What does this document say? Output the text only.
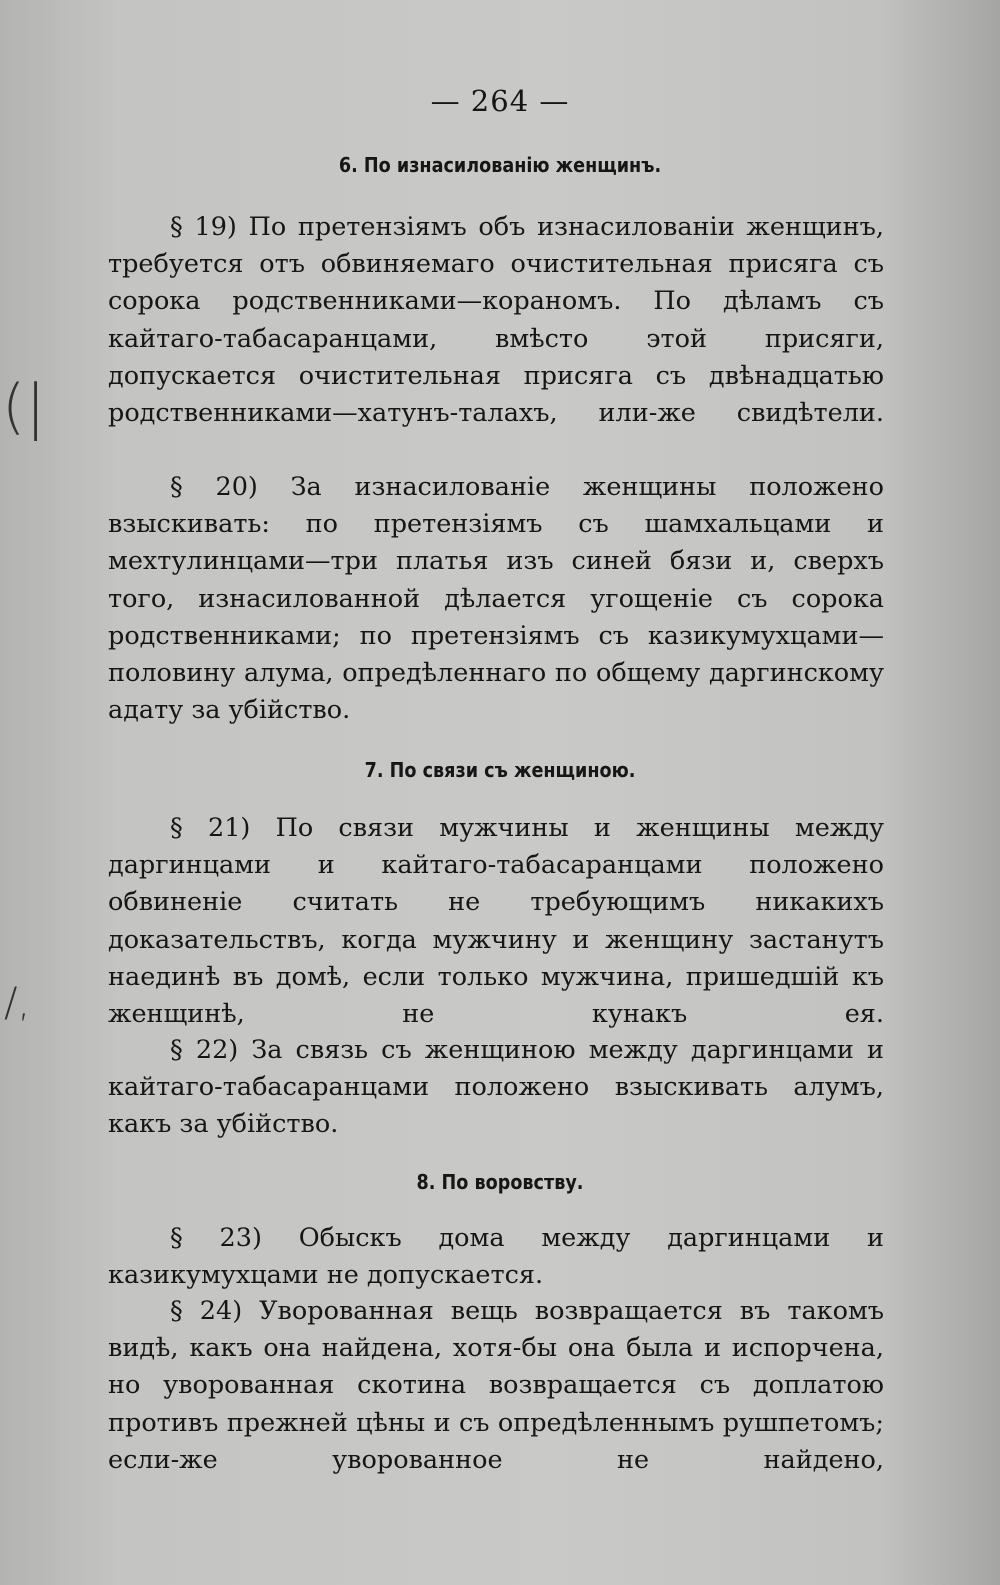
— 264 —
(|
/,
6. По изнасилованію женщинъ.

§ 19) По претензіямъ объ изнасилованіи женщинъ, требуется отъ обвиняемаго очистительная присяга съ сорока родственниками—кораномъ. По дѣламъ съ кайтаго-табасаранцами, вмѣсто этой присяги, допускается очистительная присяга съ двѣнадцатью родственниками—хатунъ-талахъ, или-же свидѣтели.

§ 20) За изнасилованіе женщины положено взыскивать: по претензіямъ съ шамхальцами и мехтулинцами—три платья изъ синей бязи и, сверхъ того, изнасилованной дѣлается угощеніе съ сорока родственниками; по претензіямъ съ казикумухцами—половину алума, опредѣленнаго по общему даргинскому адату за убійство.

7. По связи съ женщиною.

§ 21) По связи мужчины и женщины между даргинцами и кайтаго-табасаранцами положено обвиненіе считать не требующимъ никакихъ доказательствъ, когда мужчину и женщину застанутъ наединѣ въ домѣ, если только мужчина, пришедшій къ женщинѣ, не кунакъ ея.

§ 22) За связь съ женщиною между даргинцами и кайтаго-табасаранцами положено взыскивать алумъ, какъ за убійство.

8. По воровству.

§ 23) Обыскъ дома между даргинцами и казикумухцами не допускается.

§ 24) Уворованная вещь возвращается въ такомъ видѣ, какъ она найдена, хотя-бы она была и испорчена, но уворованная скотина возвращается съ доплатою противъ прежней цѣны и съ опредѣленнымъ рушпетомъ; если-же уворованное не найдено,
